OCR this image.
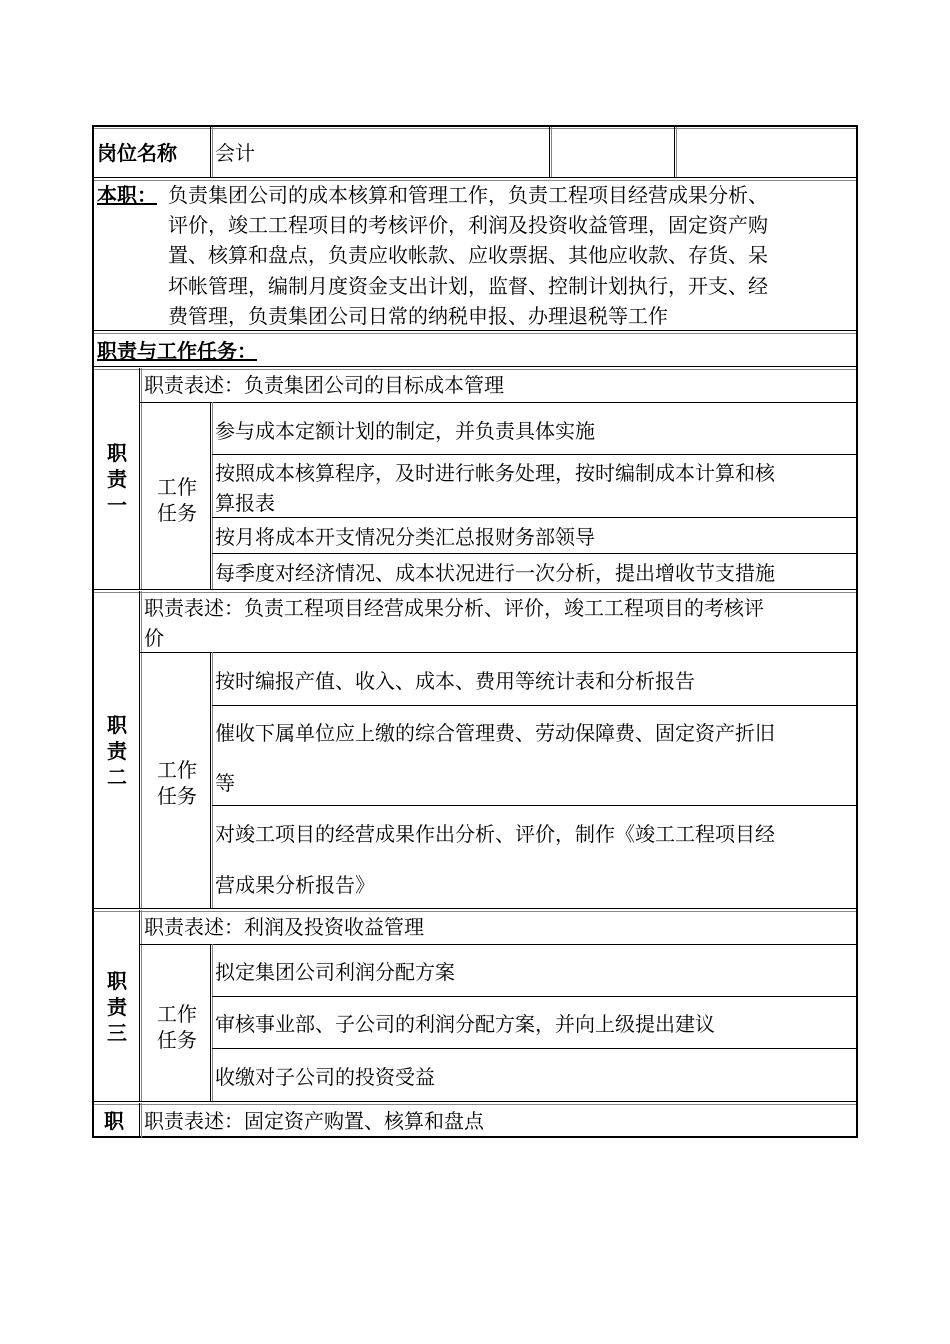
岗位名称 会计
本职： 负责集团公司的成本核算和管理工作，负责工程项目经营成果分析、
评价，竣工工程项目的考核评价，利润及投资收益管理，固定资产购
置、核算和盘点，负责应收帐款、应收票据、其他应收款、存货、呆
坏帐管理，编制月度资金支出计划，监督、控制计划执行，开支、经
费管理，负责集团公司日常的纳税申报、办理退税等工作
职责与工作任务：
职
责
一
职责表述：负责集团公司的目标成本管理
工作
任务
参与成本定额计划的制定，并负责具体实施
按照成本核算程序，及时进行帐务处理，按时编制成本计算和核
算报表
按月将成本开支情况分类汇总报财务部领导
每季度对经济情况、成本状况进行一次分析，提出增收节支措施
职
责
二
职责表述：负责工程项目经营成果分析、评价，竣工工程项目的考核评
价
工作
任务
按时编报产值、收入、成本、费用等统计表和分析报告
催收下属单位应上缴的综合管理费、劳动保障费、固定资产折旧
等
对竣工项目的经营成果作出分析、评价，制作《竣工工程项目经
营成果分析报告》
职
责
三
职责表述：利润及投资收益管理
工作
任务
拟定集团公司利润分配方案
审核事业部、子公司的利润分配方案，并向上级提出建议
收缴对子公司的投资受益
职 职责表述：固定资产购置、核算和盘点
